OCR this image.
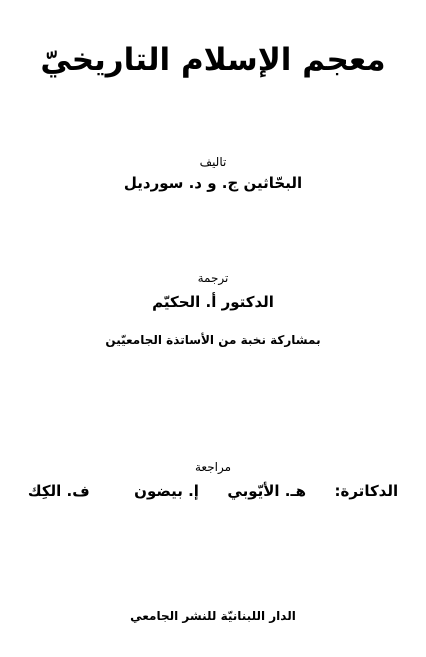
معجم الإسلام التاريخيّ
تاليف
البحّاثين ج. و د. سورديل
ترجمة
الدكتور أ. الحكيّم
بمشاركة نخبة من الأساتذة الجامعيّين
مراجعة
الدكاترة:  هـ. الأيّوبي  إ. بيضون  ف. الكِك
الدار اللبنانيّة للنشر الجامعي
